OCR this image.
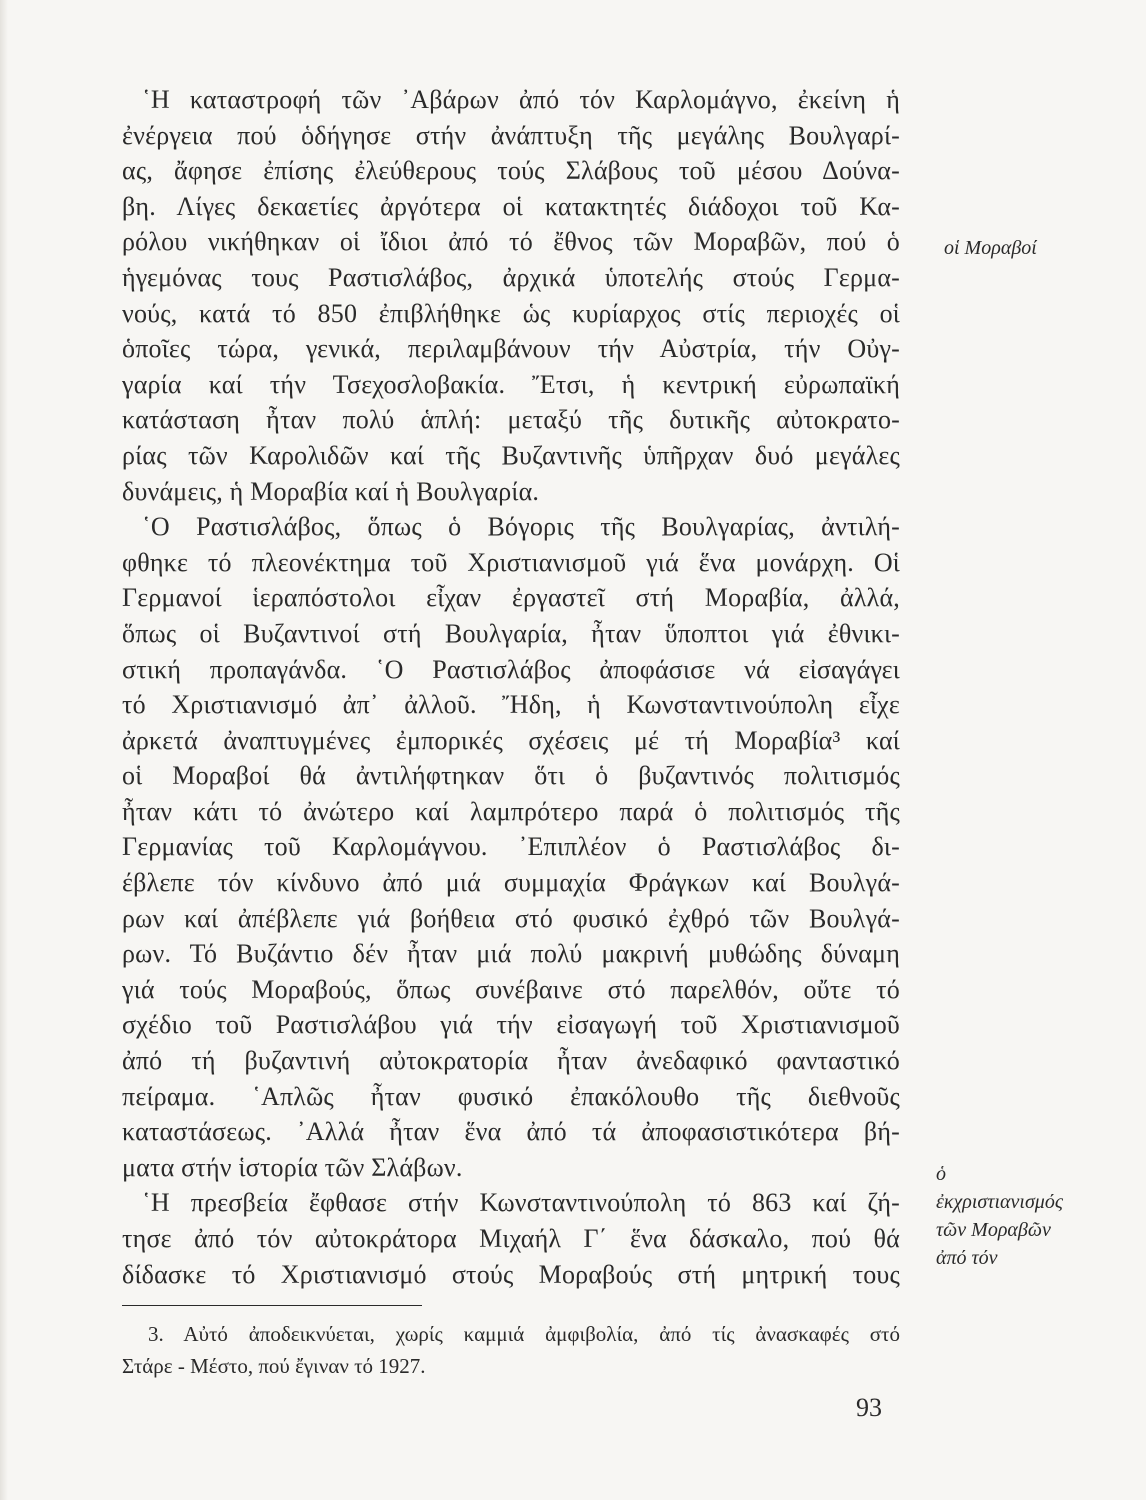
῾Η καταστροφή τῶν ᾿Αβάρων ἀπό τόν Καρλομάγνο, ἐκείνη ἡ
ἐνέργεια πού ὁδήγησε στήν ἀνάπτυξη τῆς μεγάλης Βουλγαρί-
ας, ἄφησε ἐπίσης ἐλεύθερους τούς Σλάβους τοῦ μέσου Δούνα-
βη. Λίγες δεκαετίες ἀργότερα οἱ κατακτητές διάδοχοι τοῦ Κα-
ρόλου νικήθηκαν οἱ ἴδιοι ἀπό τό ἔθνος τῶν Μοραβῶν, πού ὁ
ἡγεμόνας τους Ραστισλάβος, ἀρχικά ὑποτελής στούς Γερμα-
νούς, κατά τό 850 ἐπιβλήθηκε ὡς κυρίαρχος στίς περιοχές οἱ
ὁποῖες τώρα, γενικά, περιλαμβάνουν τήν Αὐστρία, τήν Οὐγ-
γαρία καί τήν Τσεχοσλοβακία. Ἔτσι, ἡ κεντρική εὐρωπαϊκή
κατάσταση ἦταν πολύ ἁπλή: μεταξύ τῆς δυτικῆς αὐτοκρατο-
ρίας τῶν Καρολιδῶν καί τῆς Βυζαντινῆς ὑπῆρχαν δυό μεγάλες
δυνάμεις, ἡ Μοραβία καί ἡ Βουλγαρία.
῾Ο Ραστισλάβος, ὅπως ὁ Βόγορις τῆς Βουλγαρίας, ἀντιλή-
φθηκε τό πλεονέκτημα τοῦ Χριστιανισμοῦ γιά ἕνα μονάρχη. Οἱ
Γερμανοί ἱεραπόστολοι εἶχαν ἐργαστεῖ στή Μοραβία, ἀλλά,
ὅπως οἱ Βυζαντινοί στή Βουλγαρία, ἦταν ὕποπτοι γιά ἐθνικι-
στική προπαγάνδα. ῾Ο Ραστισλάβος ἀποφάσισε νά εἰσαγάγει
τό Χριστιανισμό ἀπ᾿ ἀλλοῦ. Ἤδη, ἡ Κωνσταντινούπολη εἶχε
ἀρκετά ἀναπτυγμένες ἐμπορικές σχέσεις μέ τή Μοραβία³ καί
οἱ Μοραβοί θά ἀντιλήφτηκαν ὅτι ὁ βυζαντινός πολιτισμός
ἦταν κάτι τό ἀνώτερο καί λαμπρότερο παρά ὁ πολιτισμός τῆς
Γερμανίας τοῦ Καρλομάγνου. ᾿Επιπλέον ὁ Ραστισλάβος δι-
έβλεπε τόν κίνδυνο ἀπό μιά συμμαχία Φράγκων καί Βουλγά-
ρων καί ἀπέβλεπε γιά βοήθεια στό φυσικό ἐχθρό τῶν Βουλγά-
ρων. Τό Βυζάντιο δέν ἦταν μιά πολύ μακρινή μυθώδης δύναμη
γιά τούς Μοραβούς, ὅπως συνέβαινε στό παρελθόν, οὔτε τό
σχέδιο τοῦ Ραστισλάβου γιά τήν εἰσαγωγή τοῦ Χριστιανισμοῦ
ἀπό τή βυζαντινή αὐτοκρατορία ἦταν ἀνεδαφικό φανταστικό
πείραμα. ῾Απλῶς ἦταν φυσικό ἐπακόλουθο τῆς διεθνοῦς
καταστάσεως. ᾿Αλλά ἦταν ἕνα ἀπό τά ἀποφασιστικότερα βή-
ματα στήν ἱστορία τῶν Σλάβων.
῾Η πρεσβεία ἔφθασε στήν Κωνσταντινούπολη τό 863 καί ζή-
τησε ἀπό τόν αὐτοκράτορα Μιχαήλ Γ΄ ἕνα δάσκαλο, πού θά
δίδασκε τό Χριστιανισμό στούς Μοραβούς στή μητρική τους
οἱ Μοραβοί
ὁ
ἐκχριστιανισμός
τῶν Μοραβῶν
ἀπό τόν
3. Αὐτό ἀποδεικνύεται, χωρίς καμμιά ἀμφιβολία, ἀπό τίς ἀνασκαφές στό
Στάρε - Μέστο, πού ἔγιναν τό 1927.
93
